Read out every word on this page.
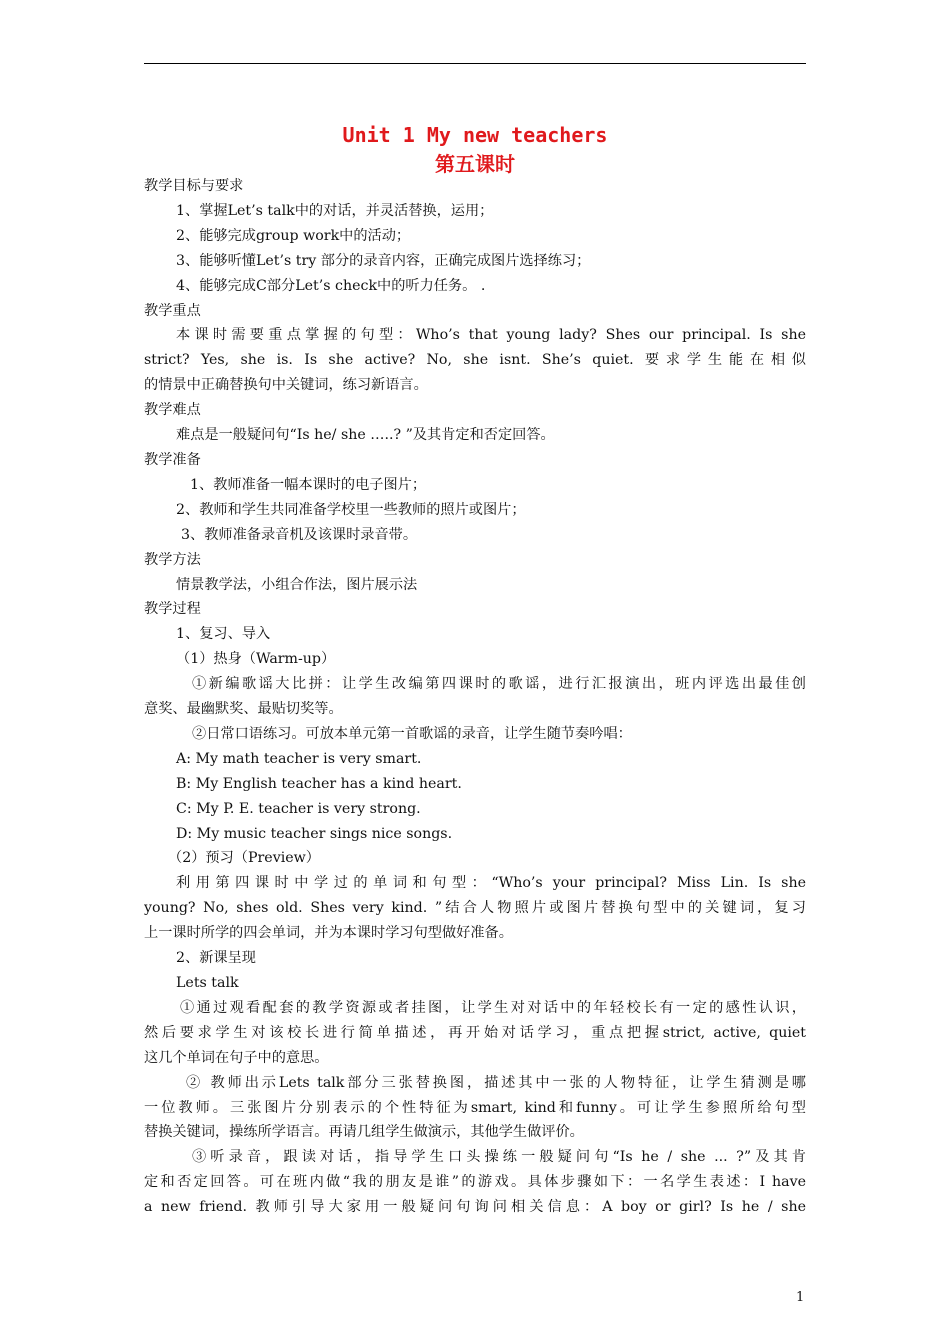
Unit 1 My new teachers
第五课时

教学目标与要求

1、掌握Let’s talk中的对话，并灵活替换，运用；

2、能够完成group work中的活动；

3、能够听懂Let’s try 部分的录音内容，正确完成图片选择练习；

4、能够完成C部分Let’s check中的听力任务。 .

教学重点

本课时需要重点掌握的句型：Who’s that young lady? Shes our principal. Is she

strict? Yes, she is. Is she active? No, she isnt. She’s quiet. 要求学生能在相似

的情景中正确替换句中关键词，练习新语言。

教学难点

难点是一般疑问句“Is he/ she …..? ”及其肯定和否定回答。

教学准备

1、教师准备一幅本课时的电子图片；

2、教师和学生共同准备学校里一些教师的照片或图片；

3、教师准备录音机及该课时录音带。

教学方法

情景教学法，小组合作法，图片展示法

教学过程

1、复习、导入

（1）热身（Warm-up）

①新编歌谣大比拼：让学生改编第四课时的歌谣，进行汇报演出，班内评选出最佳创

意奖、最幽默奖、最贴切奖等。

②日常口语练习。可放本单元第一首歌谣的录音，让学生随节奏吟唱：

A: My math teacher is very smart.

B: My English teacher has a kind heart.

C: My P. E. teacher is very strong.

D: My music teacher sings nice songs.

（2）预习（Preview）

利用第四课时中学过的单词和句型：“Who’s your principal? Miss Lin. Is she

young? No, shes old. Shes very kind. ”结合人物照片或图片替换句型中的关键词，复习

上一课时所学的四会单词，并为本课时学习句型做好准备。

2、新课呈现

Lets talk

①通过观看配套的教学资源或者挂图，让学生对对话中的年轻校长有一定的感性认识，

然后要求学生对该校长进行简单描述，再开始对话学习，重点把握strict, active, quiet

这几个单词在句子中的意思。

② 教师出示Lets talk部分三张替换图，描述其中一张的人物特征，让学生猜测是哪

一位教师。三张图片分别表示的个性特征为smart, kind和funny。可让学生参照所给句型

替换关键词，操练所学语言。再请几组学生做演示，其他学生做评价。

③听录音，跟读对话，指导学生口头操练一般疑问句“Is he / she ... ?”及其肯

定和否定回答。可在班内做“我的朋友是谁”的游戏。具体步骤如下：一名学生表述：I have

a new friend. 教师引导大家用一般疑问句询问相关信息：A boy or girl? Is he / she

1
